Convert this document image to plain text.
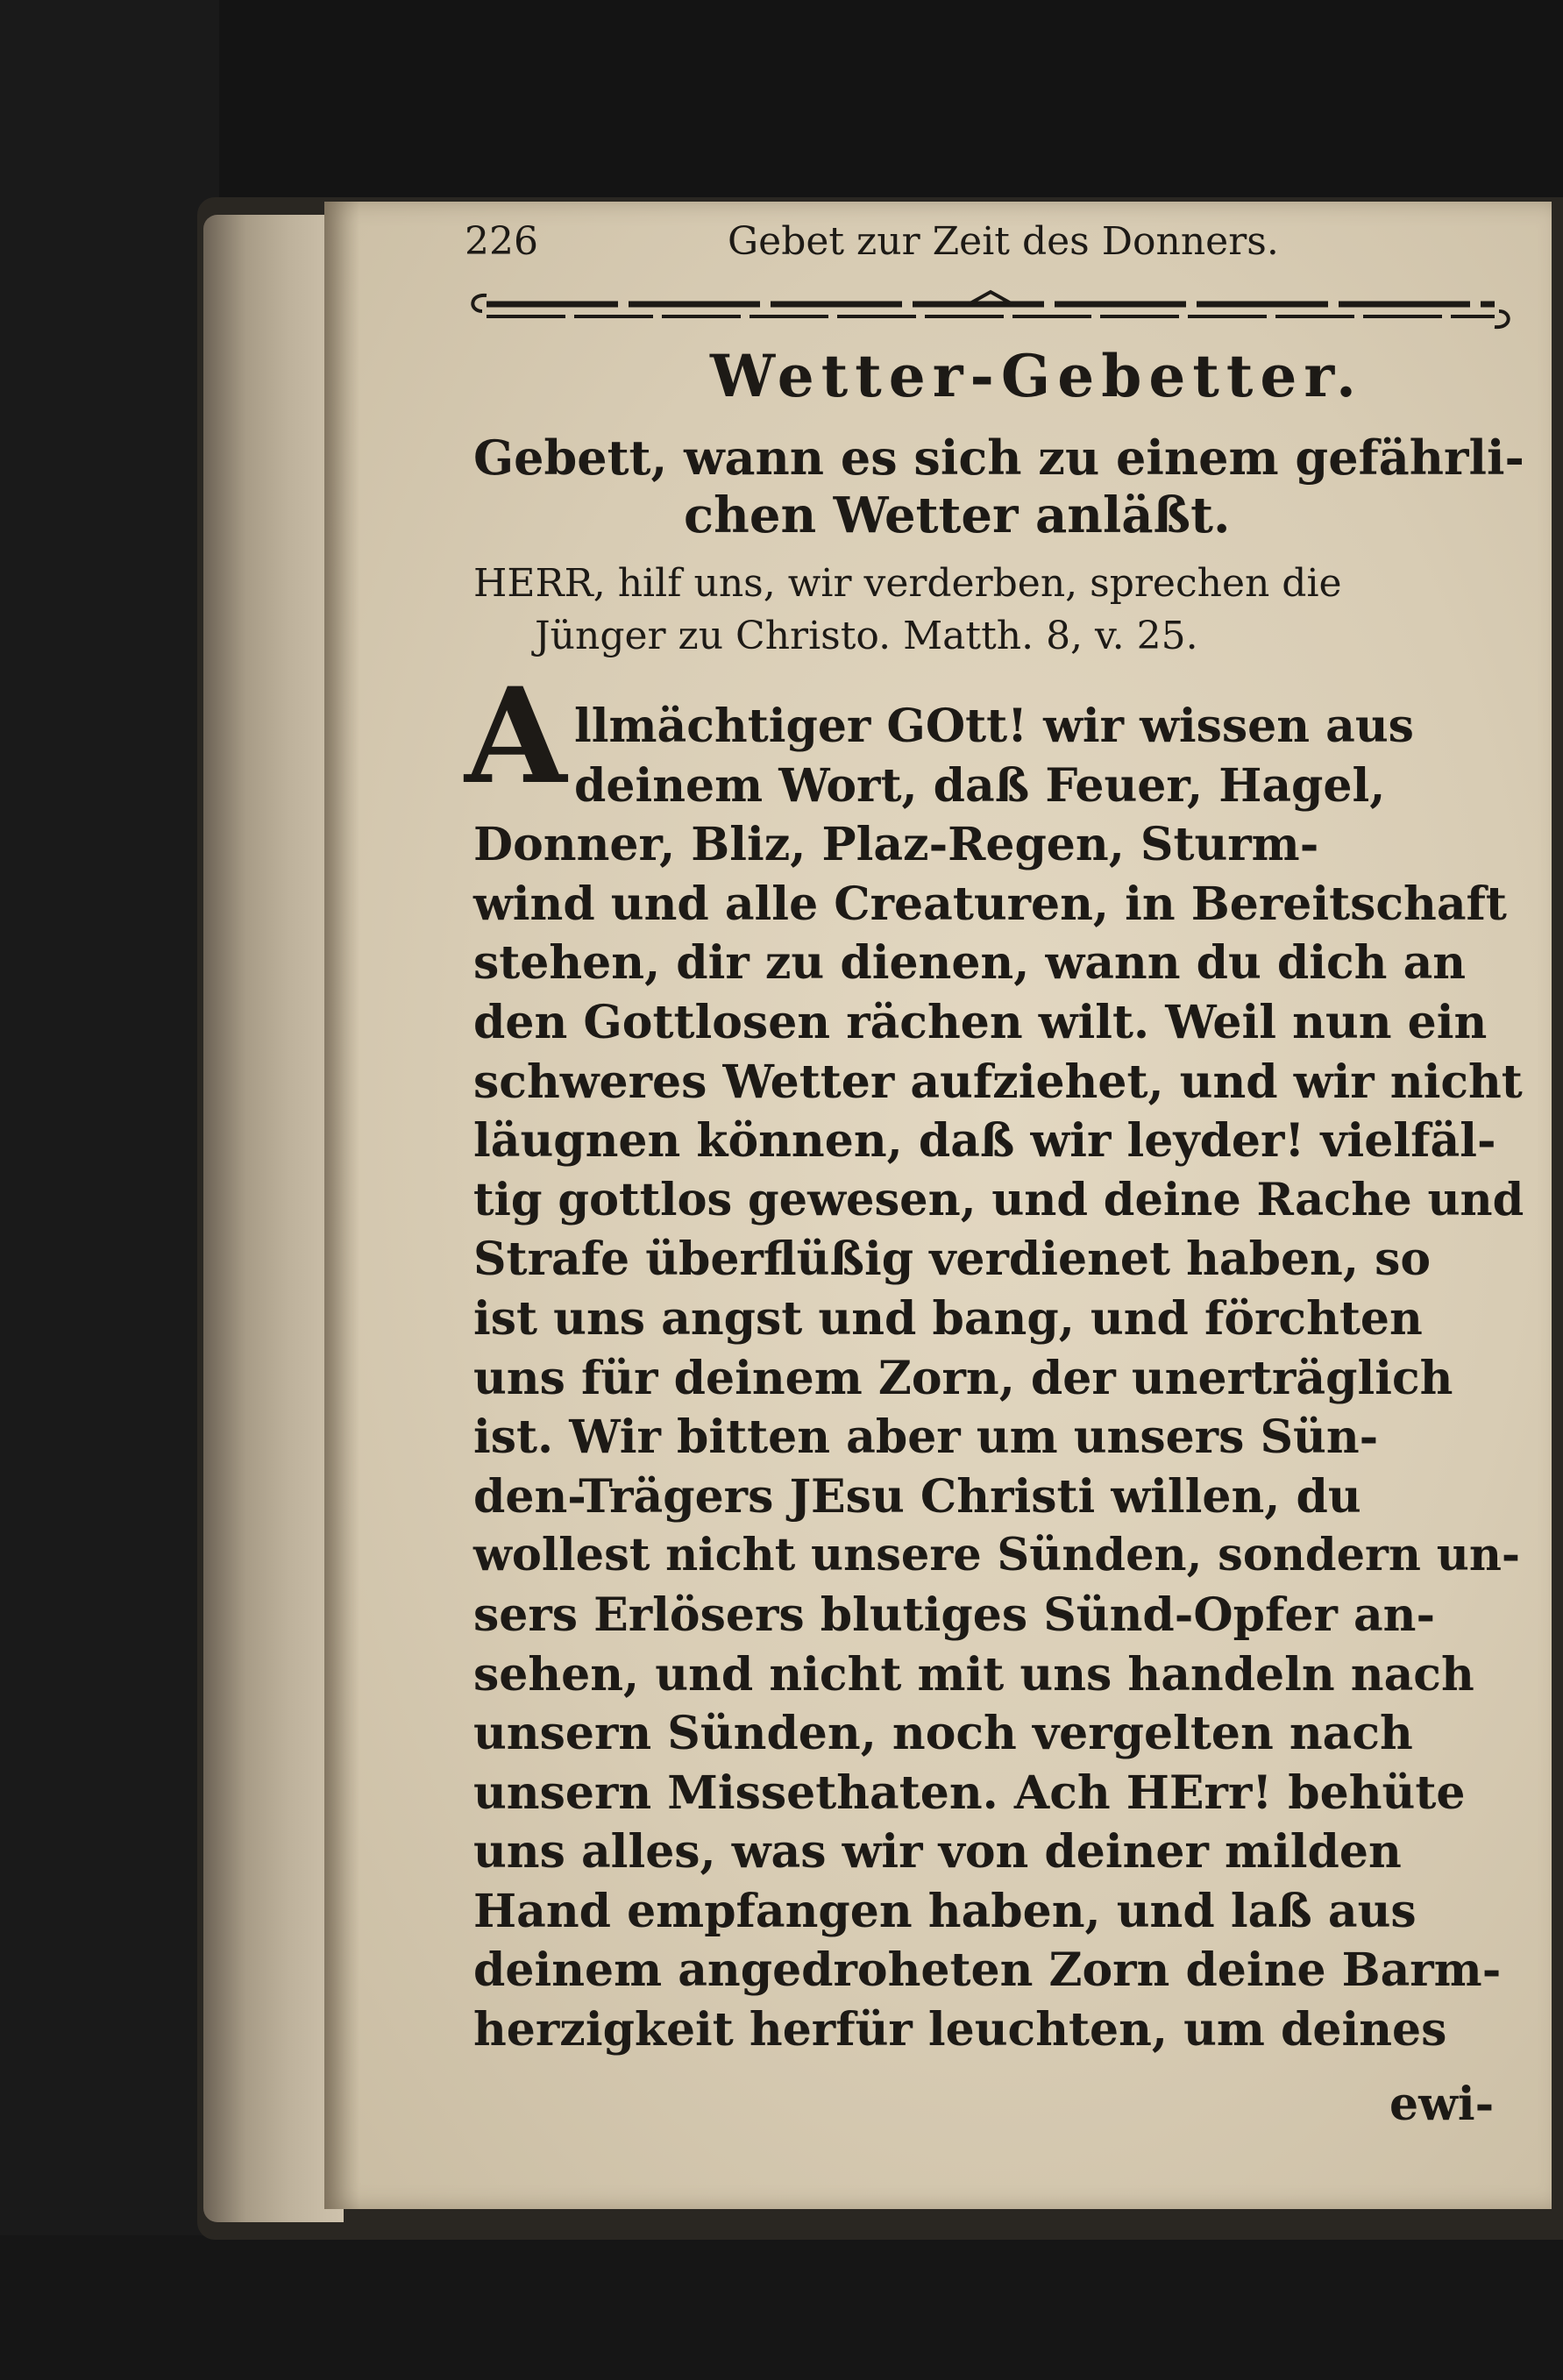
226	Gebet zur Zeit des Donners.

Wetter-Gebetter.

Gebett, wann es sich zu einem gefährli-

chen Wetter anläßt.

HERR, hilf uns, wir verderben, sprechen die

Jünger zu Christo. Matth. 8, v. 25.

A llmächtiger GOtt! wir wissen aus

deinem Wort, daß Feuer, Hagel,

Donner, Bliz, Plaz-Regen, Sturm-

wind und alle Creaturen, in Bereitschaft

stehen, dir zu dienen, wann du dich an

den Gottlosen rächen wilt. Weil nun ein

schweres Wetter aufziehet, und wir nicht

läugnen können, daß wir leyder! vielfäl-

tig gottlos gewesen, und deine Rache und

Strafe überflüßig verdienet haben, so

ist uns angst und bang, und förchten

uns für deinem Zorn, der unerträglich

ist. Wir bitten aber um unsers Sün-

den-Trägers JEsu Christi willen, du

wollest nicht unsere Sünden, sondern un-

sers Erlösers blutiges Sünd-Opfer an-

sehen, und nicht mit uns handeln nach

unsern Sünden, noch vergelten nach

unsern Missethaten. Ach HErr! behüte

uns alles, was wir von deiner milden

Hand empfangen haben, und laß aus

deinem angedroheten Zorn deine Barm-

herzigkeit herfür leuchten, um deines

ewi-
